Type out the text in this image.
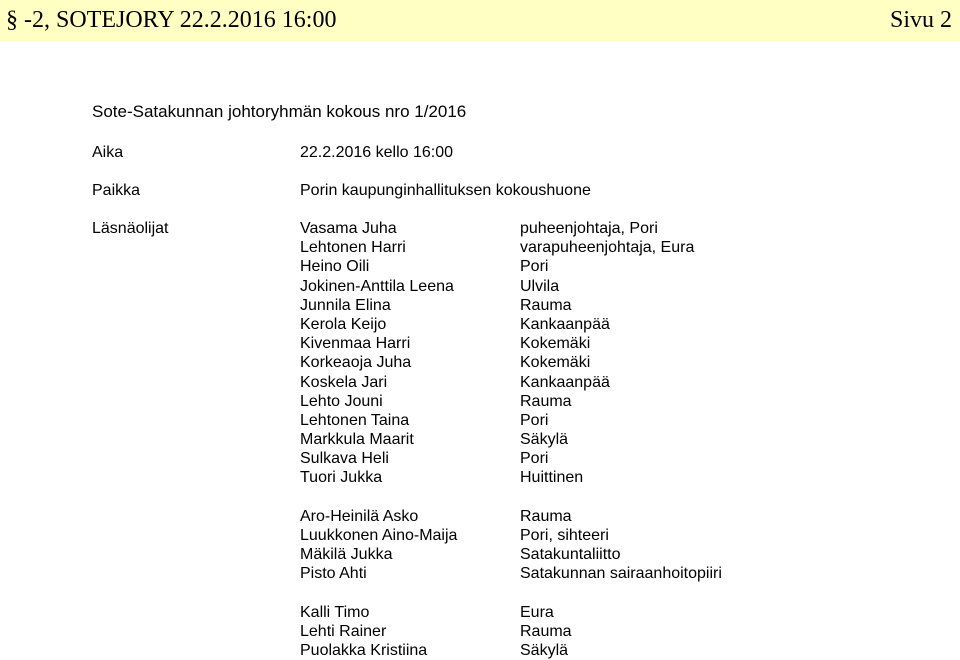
§ -2, SOTEJORY 22.2.2016 16:00	Sivu 2
Sote-Satakunnan johtoryhmän kokous nro 1/2016
Aika	22.2.2016 kello 16:00
Paikka	Porin kaupunginhallituksen kokoushuone
Läsnäolijat	Vasama Juha	puheenjohtaja, Pori
Lehtonen Harri	varapuheenjohtaja, Eura
Heino Oili	Pori
Jokinen-Anttila Leena	Ulvila
Junnila Elina	Rauma
Kerola Keijo	Kankaanpää
Kivenmaa Harri	Kokemäki
Korkeaoja Juha	Kokemäki
Koskela Jari	Kankaanpää
Lehto Jouni	Rauma
Lehtonen Taina	Pori
Markkula Maarit	Säkylä
Sulkava Heli	Pori
Tuori Jukka	Huittinen
Aro-Heinilä Asko	Rauma
Luukkonen Aino-Maija	Pori, sihteeri
Mäkilä Jukka	Satakuntaliitto
Pisto Ahti	Satakunnan sairaanhoitopiiri
Kalli Timo	Eura
Lehti Rainer	Rauma
Puolakka Kristiina	Säkylä
